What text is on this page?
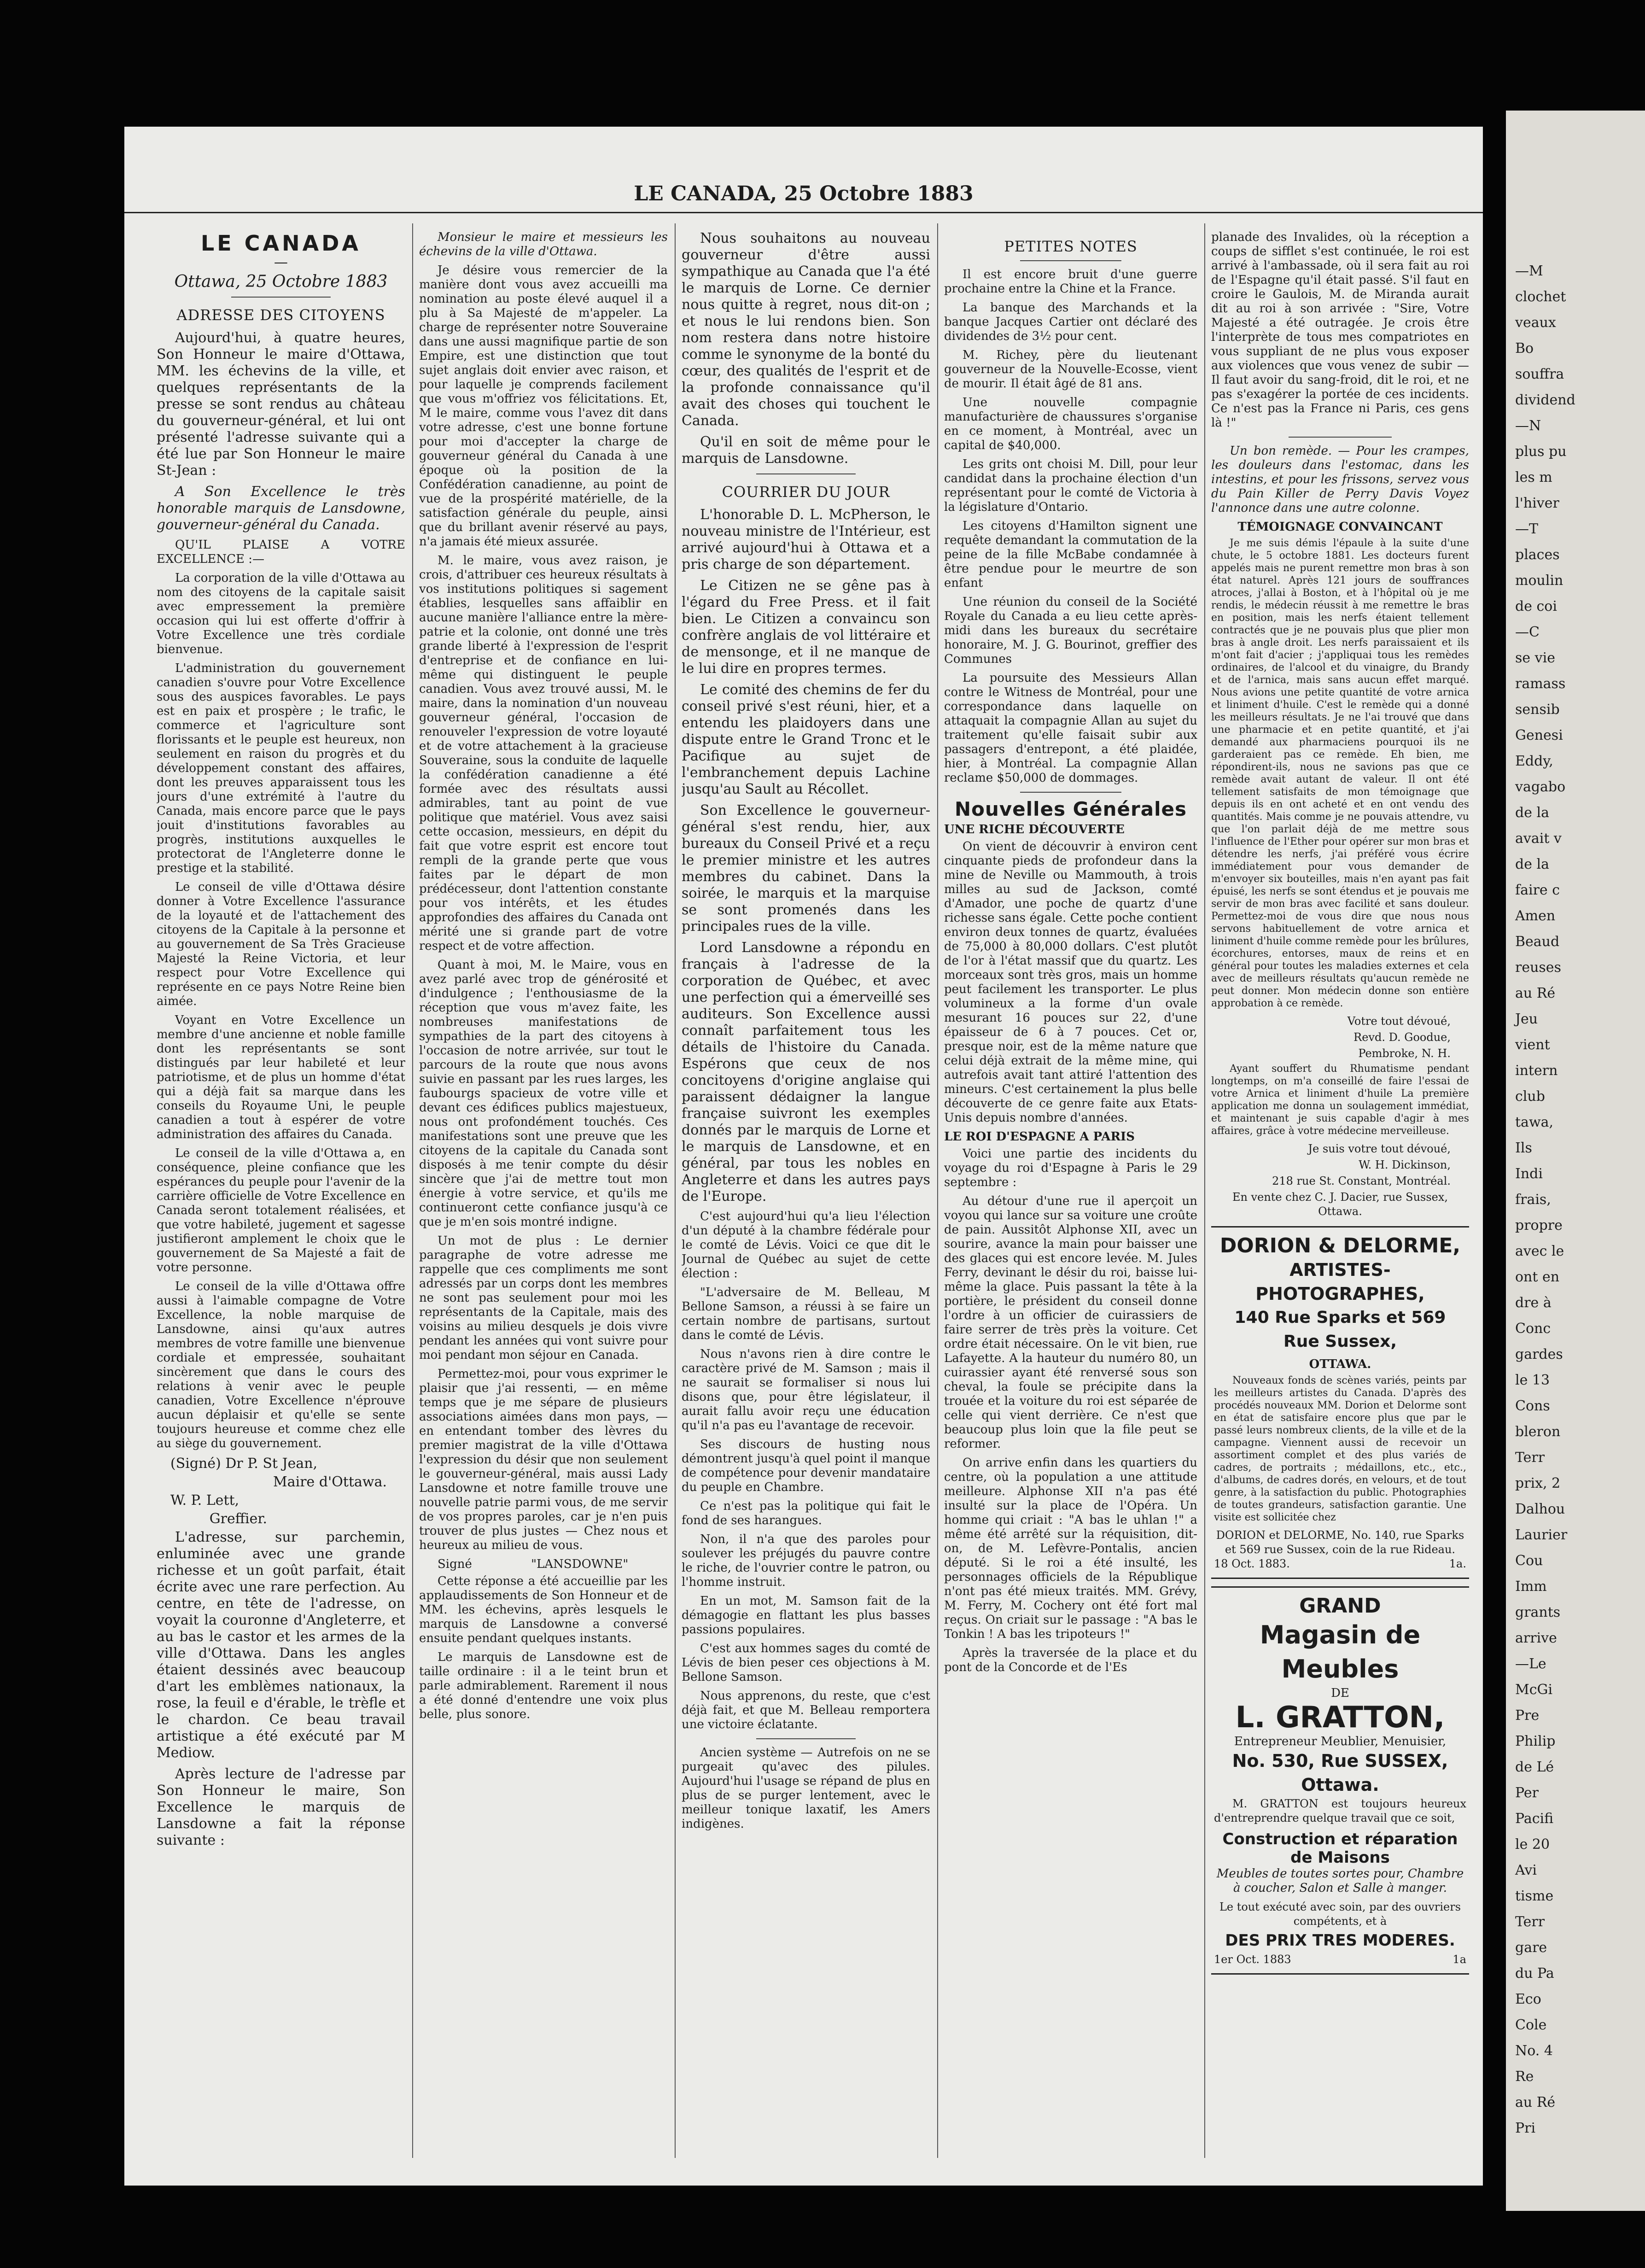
LE CANADA, 25 Octobre 1883
LE CANADA
—
Ottawa, 25 Octobre 1883
ADRESSE DES CITOYENS

Aujourd'hui, à quatre heures, Son Honneur le maire d'Ottawa, MM. les échevins de la ville, et quelques représentants de la presse se sont rendus au château du gouverneur-général, et lui ont présenté l'adresse suivante qui a été lue par Son Honneur le maire St-Jean :

A Son Excellence le très honorable marquis de Lansdowne, gouverneur-général du Canada.

QU'IL PLAISE A VOTRE EXCELLENCE :—

La corporation de la ville d'Ottawa au nom des citoyens de la capitale saisit avec empressement la première occasion qui lui est offerte d'offrir à Votre Excellence une très cordiale bienvenue.

L'administration du gouvernement canadien s'ouvre pour Votre Excellence sous des auspices favorables. Le pays est en paix et prospère ; le trafic, le commerce et l'agriculture sont florissants et le peuple est heureux, non seulement en raison du progrès et du développement constant des affaires, dont les preuves apparaissent tous les jours d'une extrémité à l'autre du Canada, mais encore parce que le pays jouit d'institutions favorables au progrès, institutions auxquelles le protectorat de l'Angleterre donne le prestige et la stabilité.

Le conseil de ville d'Ottawa désire donner à Votre Excellence l'assurance de la loyauté et de l'attachement des citoyens de la Capitale à la personne et au gouvernement de Sa Très Gracieuse Majesté la Reine Victoria, et leur respect pour Votre Excellence qui représente en ce pays Notre Reine bien aimée.

Voyant en Votre Excellence un membre d'une ancienne et noble famille dont les représentants se sont distingués par leur habileté et leur patriotisme, et de plus un homme d'état qui a déjà fait sa marque dans les conseils du Royaume Uni, le peuple canadien a tout à espérer de votre administration des affaires du Canada.

Le conseil de la ville d'Ottawa a, en conséquence, pleine confiance que les espérances du peuple pour l'avenir de la carrière officielle de Votre Excellence en Canada seront totalement réalisées, et que votre habileté, jugement et sagesse justifieront amplement le choix que le gouvernement de Sa Majesté a fait de votre personne.

Le conseil de la ville d'Ottawa offre aussi à l'aimable compagne de Votre Excellence, la noble marquise de Lansdowne, ainsi qu'aux autres membres de votre famille une bienvenue cordiale et empressée, souhaitant sincèrement que dans le cours des relations à venir avec le peuple canadien, Votre Excellence n'éprouve aucun déplaisir et qu'elle se sente toujours heureuse et comme chez elle au siège du gouvernement.

(Signé) Dr P. St Jean,
Maire d'Ottawa.
W. P. Lett,
Greffier.

L'adresse, sur parchemin, enluminée avec une grande richesse et un goût parfait, était écrite avec une rare perfection. Au centre, en tête de l'adresse, on voyait la couronne d'Angleterre, et au bas le castor et les armes de la ville d'Ottawa. Dans les angles étaient dessinés avec beaucoup d'art les emblèmes nationaux, la rose, la feuil e d'érable, le trèfle et le chardon. Ce beau travail artistique a été exécuté par M Mediow.

Après lecture de l'adresse par Son Honneur le maire, Son Excellence le marquis de Lansdowne a fait la réponse suivante :

Monsieur le maire et messieurs les échevins de la ville d'Ottawa.

Je désire vous remercier de la manière dont vous avez accueilli ma nomination au poste élevé auquel il a plu à Sa Majesté de m'appeler. La charge de représenter notre Souveraine dans une aussi magnifique partie de son Empire, est une distinction que tout sujet anglais doit envier avec raison, et pour laquelle je comprends facilement que vous m'offriez vos félicitations. Et, M le maire, comme vous l'avez dit dans votre adresse, c'est une bonne fortune pour moi d'accepter la charge de gouverneur général du Canada à une époque où la position de la Confédération canadienne, au point de vue de la prospérité matérielle, de la satisfaction générale du peuple, ainsi que du brillant avenir réservé au pays, n'a jamais été mieux assurée.

M. le maire, vous avez raison, je crois, d'attribuer ces heureux résultats à vos institutions politiques si sagement établies, lesquelles sans affaiblir en aucune manière l'alliance entre la mère-patrie et la colonie, ont donné une très grande liberté à l'expression de l'esprit d'entreprise et de confiance en lui-même qui distinguent le peuple canadien. Vous avez trouvé aussi, M. le maire, dans la nomination d'un nouveau gouverneur général, l'occasion de renouveler l'expression de votre loyauté et de votre attachement à la gracieuse Souveraine, sous la conduite de laquelle la confédération canadienne a été formée avec des résultats aussi admirables, tant au point de vue politique que matériel. Vous avez saisi cette occasion, messieurs, en dépit du fait que votre esprit est encore tout rempli de la grande perte que vous faites par le départ de mon prédécesseur, dont l'attention constante pour vos intérêts, et les études approfondies des affaires du Canada ont mérité une si grande part de votre respect et de votre affection.

Quant à moi, M. le Maire, vous en avez parlé avec trop de générosité et d'indulgence ; l'enthousiasme de la réception que vous m'avez faite, les nombreuses manifestations de sympathies de la part des citoyens à l'occasion de notre arrivée, sur tout le parcours de la route que nous avons suivie en passant par les rues larges, les faubourgs spacieux de votre ville et devant ces édifices publics majestueux, nous ont profondément touchés. Ces manifestations sont une preuve que les citoyens de la capitale du Canada sont disposés à me tenir compte du désir sincère que j'ai de mettre tout mon énergie à votre service, et qu'ils me continueront cette confiance jusqu'à ce que je m'en sois montré indigne.

Un mot de plus : Le dernier paragraphe de votre adresse me rappelle que ces compliments me sont adressés par un corps dont les membres ne sont pas seulement pour moi les représentants de la Capitale, mais des voisins au milieu desquels je dois vivre pendant les années qui vont suivre pour moi pendant mon séjour en Canada.

Permettez-moi, pour vous exprimer le plaisir que j'ai ressenti, — en même temps que je me sépare de plusieurs associations aimées dans mon pays, — en entendant tomber des lèvres du premier magistrat de la ville d'Ottawa l'expression du désir que non seulement le gouverneur-général, mais aussi Lady Lansdowne et notre famille trouve une nouvelle patrie parmi vous, de me servir de vos propres paroles, car je n'en puis trouver de plus justes — Chez nous et heureux au milieu de vous.

Signé	"LANSDOWNE"

Cette réponse a été accueillie par les applaudissements de Son Honneur et de MM. les échevins, après lesquels le marquis de Lansdowne a conversé ensuite pendant quelques instants.

Le marquis de Lansdowne est de taille ordinaire : il a le teint brun et parle admirablement. Rarement il nous a été donné d'entendre une voix plus belle, plus sonore.

Nous souhaitons au nouveau gouverneur d'être aussi sympathique au Canada que l'a été le marquis de Lorne. Ce dernier nous quitte à regret, nous dit-on ; et nous le lui rendons bien. Son nom restera dans notre histoire comme le synonyme de la bonté du cœur, des qualités de l'esprit et de la profonde connaissance qu'il avait des choses qui touchent le Canada.

Qu'il en soit de même pour le marquis de Lansdowne.

COURRIER DU JOUR

L'honorable D. L. McPherson, le nouveau ministre de l'Intérieur, est arrivé aujourd'hui à Ottawa et a pris charge de son département.

Le Citizen ne se gêne pas à l'égard du Free Press. et il fait bien. Le Citizen a convaincu son confrère anglais de vol littéraire et de mensonge, et il ne manque de le lui dire en propres termes.

Le comité des chemins de fer du conseil privé s'est réuni, hier, et a entendu les plaidoyers dans une dispute entre le Grand Tronc et le Pacifique au sujet de l'embranchement depuis Lachine jusqu'au Sault au Récollet.

Son Excellence le gouverneur-général s'est rendu, hier, aux bureaux du Conseil Privé et a reçu le premier ministre et les autres membres du cabinet. Dans la soirée, le marquis et la marquise se sont promenés dans les principales rues de la ville.

Lord Lansdowne a répondu en français à l'adresse de la corporation de Québec, et avec une perfection qui a émerveillé ses auditeurs. Son Excellence aussi connaît parfaitement tous les détails de l'histoire du Canada. Espérons que ceux de nos concitoyens d'origine anglaise qui paraissent dédaigner la langue française suivront les exemples donnés par le marquis de Lorne et le marquis de Lansdowne, et en général, par tous les nobles en Angleterre et dans les autres pays de l'Europe.

C'est aujourd'hui qu'a lieu l'élection d'un député à la chambre fédérale pour le comté de Lévis. Voici ce que dit le Journal de Québec au sujet de cette élection :

"L'adversaire de M. Belleau, M Bellone Samson, a réussi à se faire un certain nombre de partisans, surtout dans le comté de Lévis.

Nous n'avons rien à dire contre le caractère privé de M. Samson ; mais il ne saurait se formaliser si nous lui disons que, pour être législateur, il aurait fallu avoir reçu une éducation qu'il n'a pas eu l'avantage de recevoir.

Ses discours de husting nous démontrent jusqu'à quel point il manque de compétence pour devenir mandataire du peuple en Chambre.

Ce n'est pas la politique qui fait le fond de ses harangues.

Non, il n'a que des paroles pour soulever les préjugés du pauvre contre le riche, de l'ouvrier contre le patron, ou l'homme instruit.

En un mot, M. Samson fait de la démagogie en flattant les plus basses passions populaires.

C'est aux hommes sages du comté de Lévis de bien peser ces objections à M. Bellone Samson.

Nous apprenons, du reste, que c'est déjà fait, et que M. Belleau remportera une victoire éclatante.

Ancien système — Autrefois on ne se purgeait qu'avec des pilules. Aujourd'hui l'usage se répand de plus en plus de se purger lentement, avec le meilleur tonique laxatif, les Amers indigènes.

PETITES NOTES

Il est encore bruit d'une guerre prochaine entre la Chine et la France.

La banque des Marchands et la banque Jacques Cartier ont déclaré des dividendes de 3½ pour cent.

M. Richey, père du lieutenant gouverneur de la Nouvelle-Ecosse, vient de mourir. Il était âgé de 81 ans.

Une nouvelle compagnie manufacturière de chaussures s'organise en ce moment, à Montréal, avec un capital de $40,000.

Les grits ont choisi M. Dill, pour leur candidat dans la prochaine élection d'un représentant pour le comté de Victoria à la législature d'Ontario.

Les citoyens d'Hamilton signent une requête demandant la commutation de la peine de la fille McBabe condamnée à être pendue pour le meurtre de son enfant

Une réunion du conseil de la Société Royale du Canada a eu lieu cette après-midi dans les bureaux du secrétaire honoraire, M. J. G. Bourinot, greffier des Communes

La poursuite des Messieurs Allan contre le Witness de Montréal, pour une correspondance dans laquelle on attaquait la compagnie Allan au sujet du traitement qu'elle faisait subir aux passagers d'entrepont, a été plaidée, hier, à Montréal. La compagnie Allan reclame $50,000 de dommages.

Nouvelles Générales
UNE RICHE DÉCOUVERTE

On vient de découvrir à environ cent cinquante pieds de profondeur dans la mine de Neville ou Mammouth, à trois milles au sud de Jackson, comté d'Amador, une poche de quartz d'une richesse sans égale. Cette poche contient environ deux tonnes de quartz, évaluées de 75,000 à 80,000 dollars. C'est plutôt de l'or à l'état massif que du quartz. Les morceaux sont très gros, mais un homme peut facilement les transporter. Le plus volumineux a la forme d'un ovale mesurant 16 pouces sur 22, d'une épaisseur de 6 à 7 pouces. Cet or, presque noir, est de la même nature que celui déjà extrait de la même mine, qui autrefois avait tant attiré l'attention des mineurs. C'est certainement la plus belle découverte de ce genre faite aux Etats-Unis depuis nombre d'années.

LE ROI D'ESPAGNE A PARIS

Voici une partie des incidents du voyage du roi d'Espagne à Paris le 29 septembre :

Au détour d'une rue il aperçoit un voyou qui lance sur sa voiture une croûte de pain. Aussitôt Alphonse XII, avec un sourire, avance la main pour baisser une des glaces qui est encore levée. M. Jules Ferry, devinant le désir du roi, baisse lui-même la glace. Puis passant la tête à la portière, le président du conseil donne l'ordre à un officier de cuirassiers de faire serrer de très près la voiture. Cet ordre était nécessaire. On le vit bien, rue Lafayette. A la hauteur du numéro 80, un cuirassier ayant été renversé sous son cheval, la foule se précipite dans la trouée et la voiture du roi est séparée de celle qui vient derrière. Ce n'est que beaucoup plus loin que la file peut se reformer.

On arrive enfin dans les quartiers du centre, où la population a une attitude meilleure. Alphonse XII n'a pas été insulté sur la place de l'Opéra. Un homme qui criait : "A bas le uhlan !" a même été arrêté sur la réquisition, dit-on, de M. Lefèvre-Pontalis, ancien député. Si le roi a été insulté, les personnages officiels de la République n'ont pas été mieux traités. MM. Grévy, M. Ferry, M. Cochery ont été fort mal reçus. On criait sur le passage : "A bas le Tonkin ! A bas les tripoteurs !"

Après la traversée de la place et du pont de la Concorde et de l'Es

planade des Invalides, où la réception a coups de sifflet s'est continuée, le roi est arrivé à l'ambassade, où il sera fait au roi de l'Espagne qu'il était passé. S'il faut en croire le Gaulois, M. de Miranda aurait dit au roi à son arrivée : "Sire, Votre Majesté a été outragée. Je crois être l'interprète de tous mes compatriotes en vous suppliant de ne plus vous exposer aux violences que vous venez de subir — Il faut avoir du sang-froid, dit le roi, et ne pas s'exagérer la portée de ces incidents. Ce n'est pas la France ni Paris, ces gens là !"

Un bon remède. — Pour les crampes, les douleurs dans l'estomac, dans les intestins, et pour les frissons, servez vous du Pain Killer de Perry Davis Voyez l'annonce dans une autre colonne.

TÉMOIGNAGE CONVAINCANT

Je me suis démis l'épaule à la suite d'une chute, le 5 octobre 1881. Les docteurs furent appelés mais ne purent remettre mon bras à son état naturel. Après 121 jours de souffrances atroces, j'allai à Boston, et à l'hôpital où je me rendis, le médecin réussit à me remettre le bras en position, mais les nerfs étaient tellement contractés que je ne pouvais plus que plier mon bras à angle droit. Les nerfs paraissaient et ils m'ont fait d'acier ; j'appliquai tous les remèdes ordinaires, de l'alcool et du vinaigre, du Brandy et de l'arnica, mais sans aucun effet marqué. Nous avions une petite quantité de votre arnica et liniment d'huile. C'est le remède qui a donné les meilleurs résultats. Je ne l'ai trouvé que dans une pharmacie et en petite quantité, et j'ai demandé aux pharmaciens pourquoi ils ne garderaient pas ce remède. Eh bien, me répondirent-ils, nous ne savions pas que ce remède avait autant de valeur. Il ont été tellement satisfaits de mon témoignage que depuis ils en ont acheté et en ont vendu des quantités. Mais comme je ne pouvais attendre, vu que l'on parlait déjà de me mettre sous l'influence de l'Ether pour opérer sur mon bras et détendre les nerfs, j'ai préféré vous écrire immédiatement pour vous demander de m'envoyer six bouteilles, mais n'en ayant pas fait épuisé, les nerfs se sont étendus et je pouvais me servir de mon bras avec facilité et sans douleur. Permettez-moi de vous dire que nous nous servons habituellement de votre arnica et liniment d'huile comme remède pour les brûlures, écorchures, entorses, maux de reins et en général pour toutes les maladies externes et cela avec de meilleurs résultats qu'aucun remède ne peut donner. Mon médecin donne son entière approbation à ce remède.

Votre tout dévoué,
Revd. D. Goodue,
Pembroke, N. H.

Ayant souffert du Rhumatisme pendant longtemps, on m'a conseillé de faire l'essai de votre Arnica et liniment d'huile La première application me donna un soulagement immédiat, et maintenant je suis capable d'agir à mes affaires, grâce à votre médecine merveilleuse.

Je suis votre tout dévoué,
W. H. Dickinson,
218 rue St. Constant, Montréal.
En vente chez C. J. Dacier, rue Sussex, Ottawa.
DORION & DELORME,
ARTISTES-PHOTOGRAPHES,
140 Rue Sparks et 569 Rue Sussex,
OTTAWA.

Nouveaux fonds de scènes variés, peints par les meilleurs artistes du Canada. D'après des procédés nouveaux MM. Dorion et Delorme sont en état de satisfaire encore plus que par le passé leurs nombreux clients, de la ville et de la campagne. Viennent aussi de recevoir un assortiment complet et des plus variés de cadres, de portraits ; médaillons, etc., etc., d'albums, de cadres dorés, en velours, et de tout genre, à la satisfaction du public. Photographies de toutes grandeurs, satisfaction garantie. Une visite est sollicitée chez

DORION et DELORME, No. 140, rue Sparks et 569 rue Sussex, coin de la rue Rideau.
18 Oct. 1883.	1a.
GRAND
Magasin de Meubles
DE
L. GRATTON,
Entrepreneur Meublier, Menuisier,
No. 530, Rue SUSSEX, Ottawa.

M. GRATTON est toujours heureux d'entreprendre quelque travail que ce soit,

Construction et réparation de Maisons

Meubles de toutes sortes pour, Chambre à coucher, Salon et Salle à manger.

Le tout exécuté avec soin, par des ouvriers compétents, et à
DES PRIX TRES MODERES.
1er Oct. 1883	1a
—M
clochet
veaux
Bo
souffra
dividend
—N
plus pu
les m
l'hiver
—T
places
moulin
de coi
—C
se vie
ramass
sensib
Genesi
Eddy,
vagabo
de la
avait v
de la
faire c
Amen
Beaud
reuses
au Ré
Jeu
vient
intern
club
tawa,
Ils
Indi
frais,
propre
avec le
ont en
dre à
Conc
gardes
le 13
Cons
bleron
Terr
prix, 2
Dalhou
Laurier
Cou
Imm
grants
arrive
—Le
McGi
Pre
Philip
de Lé
Per
Pacifi
le 20
Avi
tisme
Terr
gare
du Pa
Eco
Cole
No. 4
Re
au Ré
Pri
